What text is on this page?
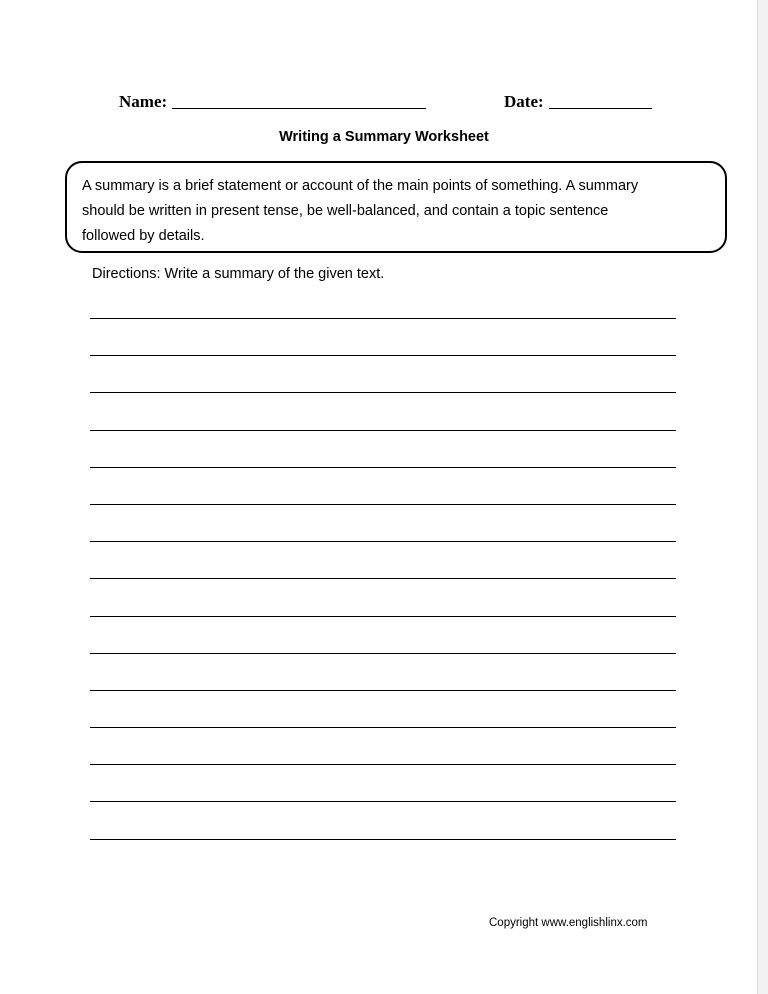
Name:	Date:
Writing a Summary Worksheet
A summary is a brief statement or account of the main points of something. A summary
should be written in present tense, be well-balanced, and contain a topic sentence
followed by details.
Directions: Write a summary of the given text.
Copyright www.englishlinx.com
